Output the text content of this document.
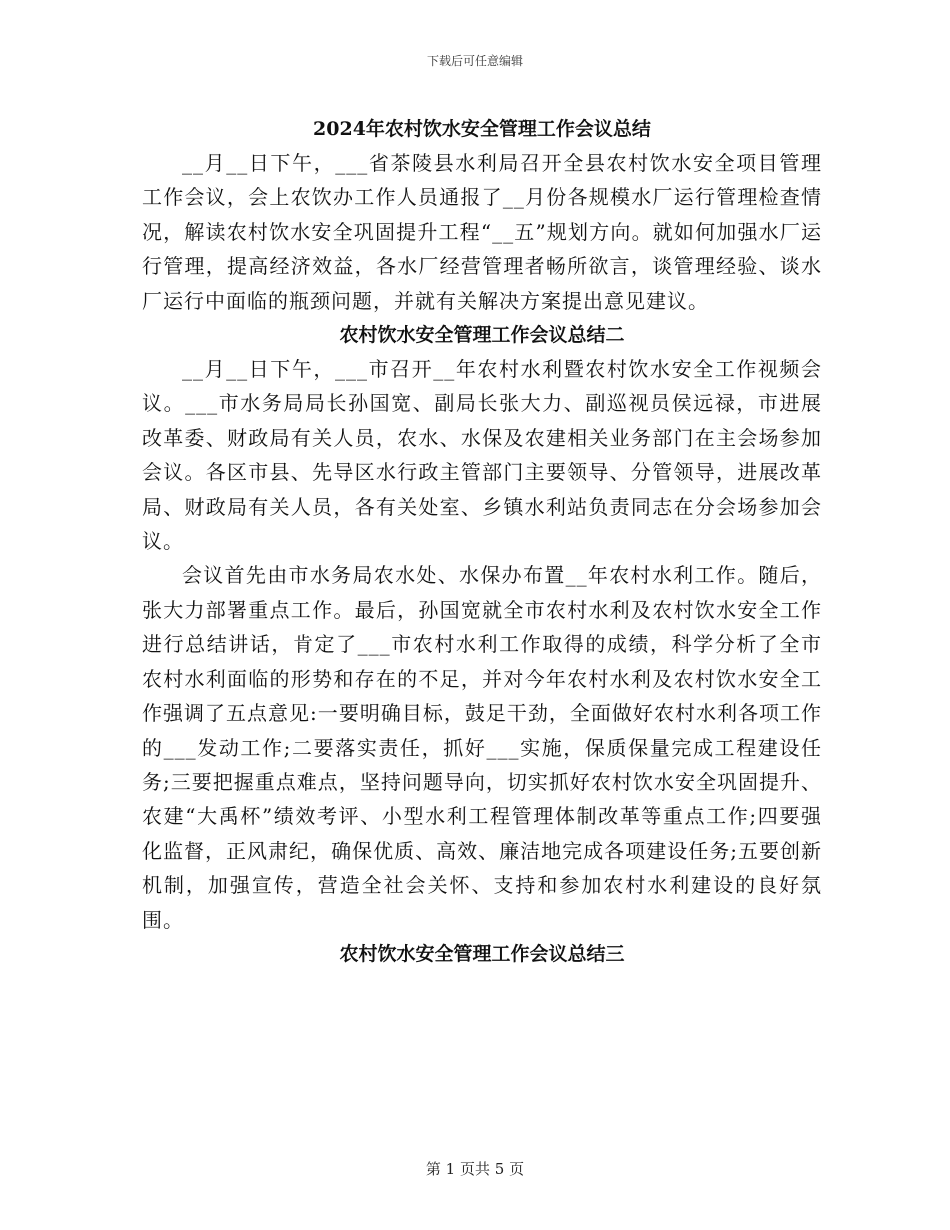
下载后可任意编辑
2024年农村饮水安全管理工作会议总结

__月__日下午，___省茶陵县水利局召开全县农村饮水安全项目管理工作会议，会上农饮办工作人员通报了__月份各规模水厂运行管理检查情况，解读农村饮水安全巩固提升工程“__五”规划方向。就如何加强水厂运行管理，提高经济效益，各水厂经营管理者畅所欲言，谈管理经验、谈水厂运行中面临的瓶颈问题，并就有关解决方案提出意见建议。

农村饮水安全管理工作会议总结二

__月__日下午，___市召开__年农村水利暨农村饮水安全工作视频会议。___市水务局局长孙国宽、副局长张大力、副巡视员侯远禄，市进展改革委、财政局有关人员，农水、水保及农建相关业务部门在主会场参加会议。各区市县、先导区水行政主管部门主要领导、分管领导，进展改革局、财政局有关人员，各有关处室、乡镇水利站负责同志在分会场参加会议。

会议首先由市水务局农水处、水保办布置__年农村水利工作。随后，张大力部署重点工作。最后，孙国宽就全市农村水利及农村饮水安全工作进行总结讲话，肯定了___市农村水利工作取得的成绩，科学分析了全市农村水利面临的形势和存在的不足，并对今年农村水利及农村饮水安全工作强调了五点意见:一要明确目标，鼓足干劲，全面做好农村水利各项工作的___发动工作;二要落实责任，抓好___实施，保质保量完成工程建设任务;三要把握重点难点，坚持问题导向，切实抓好农村饮水安全巩固提升、农建“大禹杯”绩效考评、小型水利工程管理体制改革等重点工作;四要强化监督，正风肃纪，确保优质、高效、廉洁地完成各项建设任务;五要创新机制，加强宣传，营造全社会关怀、支持和参加农村水利建设的良好氛围。

农村饮水安全管理工作会议总结三
第 1 页共 5 页
